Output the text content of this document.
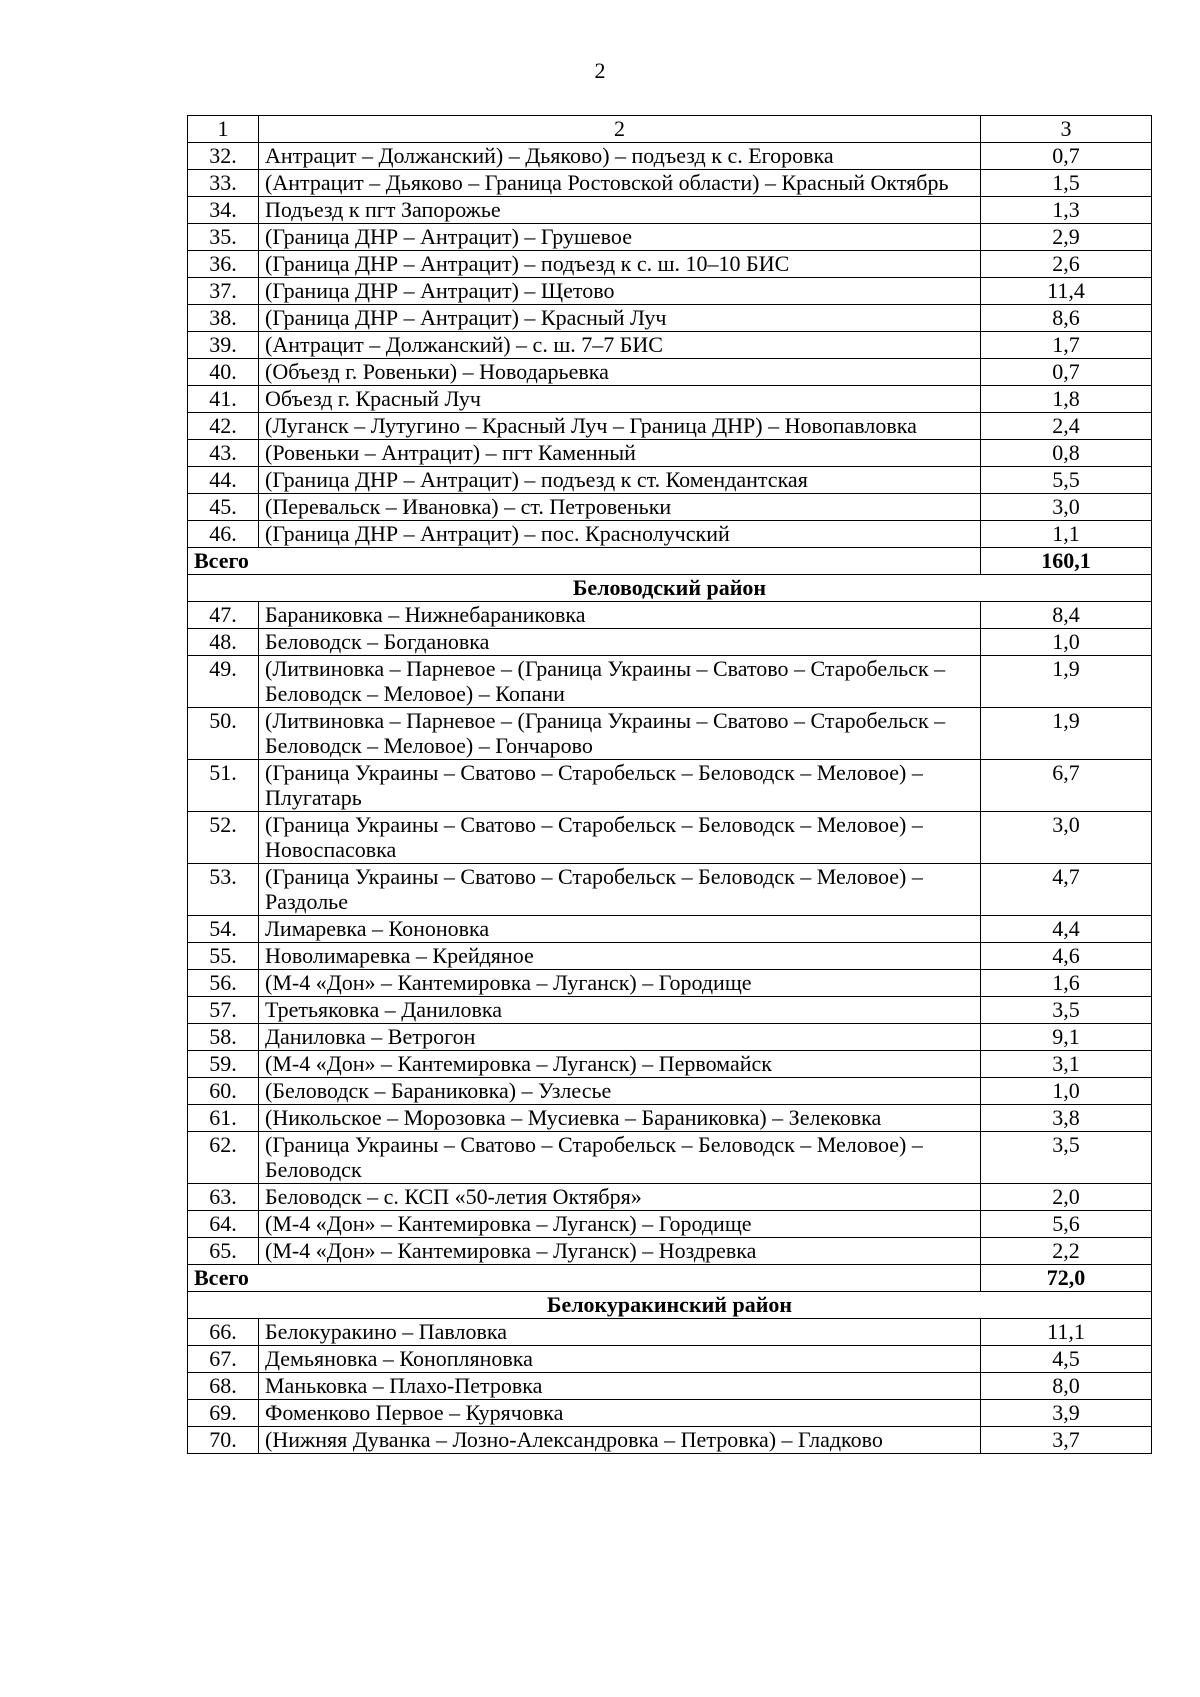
2
1	2	3
32.	Антрацит – Должанский) – Дьяково) – подъезд к с. Егоровка	0,7
33.	(Антрацит – Дьяково – Граница Ростовской области) – Красный Октябрь	1,5
34.	Подъезд к пгт Запорожье	1,3
35.	(Граница ДНР – Антрацит) – Грушевое	2,9
36.	(Граница ДНР – Антрацит) – подъезд к с. ш. 10–10 БИС	2,6
37.	(Граница ДНР – Антрацит) – Щетово	11,4
38.	(Граница ДНР – Антрацит) – Красный Луч	8,6
39.	(Антрацит – Должанский) – с. ш. 7–7 БИС	1,7
40.	(Объезд г. Ровеньки) – Новодарьевка	0,7
41.	Объезд г. Красный Луч	1,8
42.	(Луганск – Лутугино – Красный Луч – Граница ДНР) – Новопавловка	2,4
43.	(Ровеньки – Антрацит) – пгт Каменный	0,8
44.	(Граница ДНР – Антрацит) – подъезд к ст. Комендантская	5,5
45.	(Перевальск – Ивановка) – ст. Петровеньки	3,0
46.	(Граница ДНР – Антрацит) – пос. Краснолучский	1,1
Всего		160,1
Беловодский район		
47.	Бараниковка – Нижнебараниковка	8,4
48.	Беловодск – Богдановка	1,0
49.	(Литвиновка – Парневое – (Граница Украины – Сватово – Старобельск – Беловодск – Меловое) – Копани	1,9
50.	(Литвиновка – Парневое – (Граница Украины – Сватово – Старобельск – Беловодск – Меловое) – Гончарово	1,9
51.	(Граница Украины – Сватово – Старобельск – Беловодск – Меловое) – Плугатарь	6,7
52.	(Граница Украины – Сватово – Старобельск – Беловодск – Меловое) – Новоспасовка	3,0
53.	(Граница Украины – Сватово – Старобельск – Беловодск – Меловое) – Раздолье	4,7
54.	Лимаревка – Кононовка	4,4
55.	Новолимаревка – Крейдяное	4,6
56.	(М-4 «Дон» – Кантемировка – Луганск) – Городище	1,6
57.	Третьяковка – Даниловка	3,5
58.	Даниловка – Ветрогон	9,1
59.	(М-4 «Дон» – Кантемировка – Луганск) – Первомайск	3,1
60.	(Беловодск – Бараниковка) – Узлесье	1,0
61.	(Никольское – Морозовка – Мусиевка – Бараниковка) – Зелековка	3,8
62.	(Граница Украины – Сватово – Старобельск – Беловодск – Меловое) – Беловодск	3,5
63.	Беловодск – с. КСП «50-летия Октября»	2,0
64.	(М-4 «Дон» – Кантемировка – Луганск) – Городище	5,6
65.	(М-4 «Дон» – Кантемировка – Луганск) – Ноздревка	2,2
Всего		72,0
Белокуракинский район		
66.	Белокуракино – Павловка	11,1
67.	Демьяновка – Конопляновка	4,5
68.	Маньковка – Плахо-Петровка	8,0
69.	Фоменково Первое – Курячовка	3,9
70.	(Нижняя Дуванка – Лозно-Александровка – Петровка) – Гладково	3,7
